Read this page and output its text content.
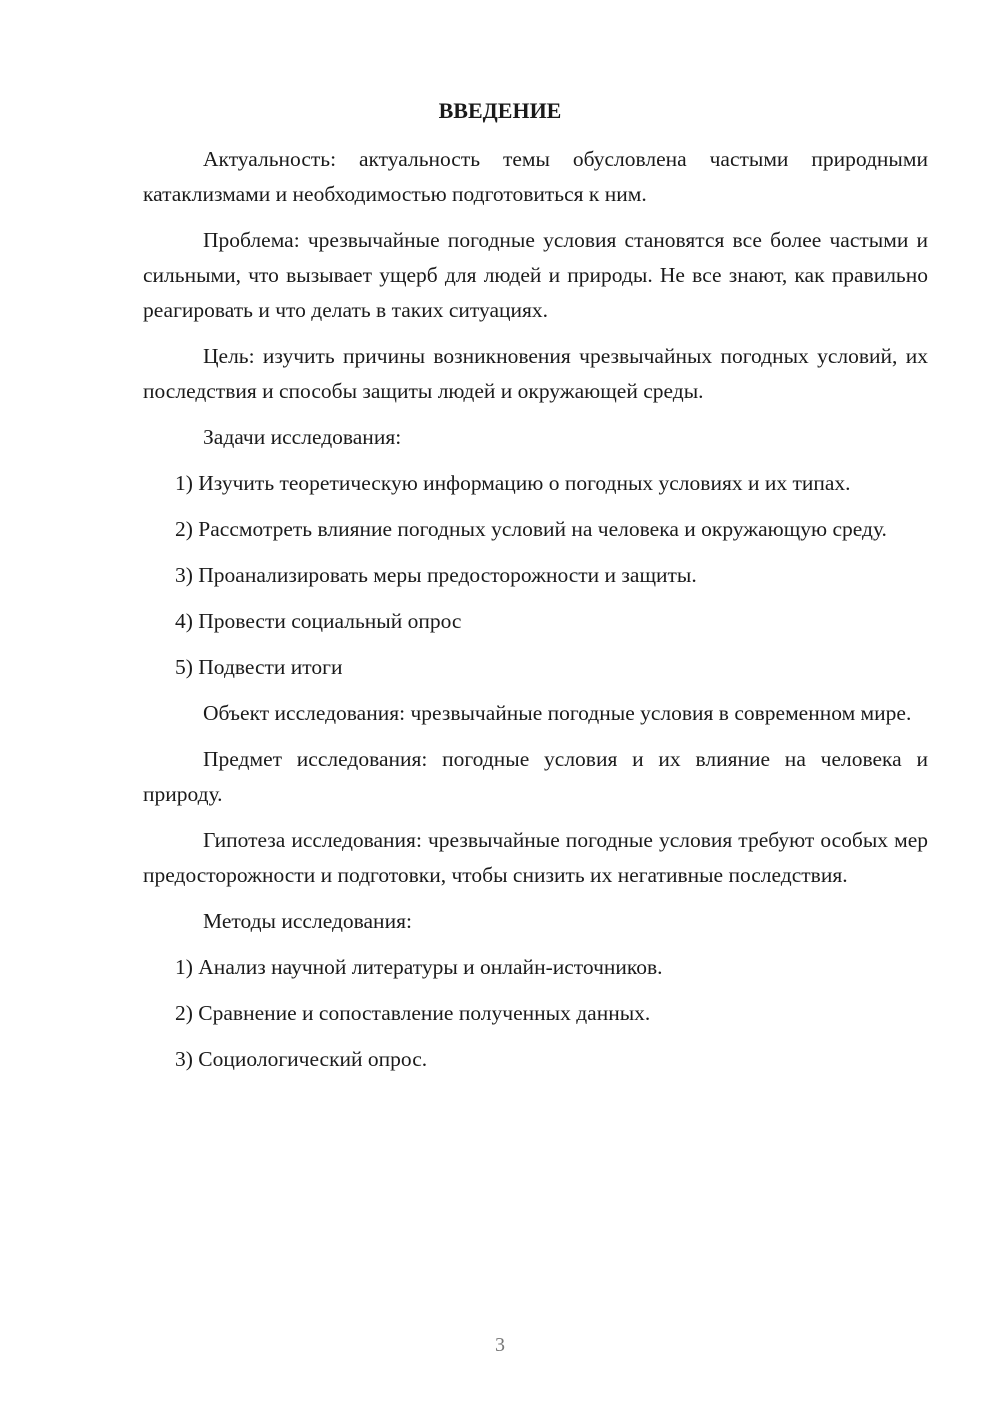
ВВЕДЕНИЕ

Актуальность: актуальность темы обусловлена частыми природными катаклизмами и необходимостью подготовиться к ним.

Проблема: чрезвычайные погодные условия становятся все более частыми и сильными, что вызывает ущерб для людей и природы. Не все знают, как правильно реагировать и что делать в таких ситуациях.

Цель: изучить причины возникновения чрезвычайных погодных условий, их последствия и способы защиты людей и окружающей среды.

Задачи исследования:

1) Изучить теоретическую информацию о погодных условиях и их типах.

2) Рассмотреть влияние погодных условий на человека и окружающую среду.

3) Проанализировать меры предосторожности и защиты.

4) Провести социальный опрос

5) Подвести итоги

Объект исследования: чрезвычайные погодные условия в современном мире.

Предмет исследования: погодные условия и их влияние на человека и природу.

Гипотеза исследования: чрезвычайные погодные условия требуют особых мер предосторожности и подготовки, чтобы снизить их негативные последствия.

Методы исследования:

1) Анализ научной литературы и онлайн-источников.

2) Сравнение и сопоставление полученных данных.

3) Социологический опрос.

3
